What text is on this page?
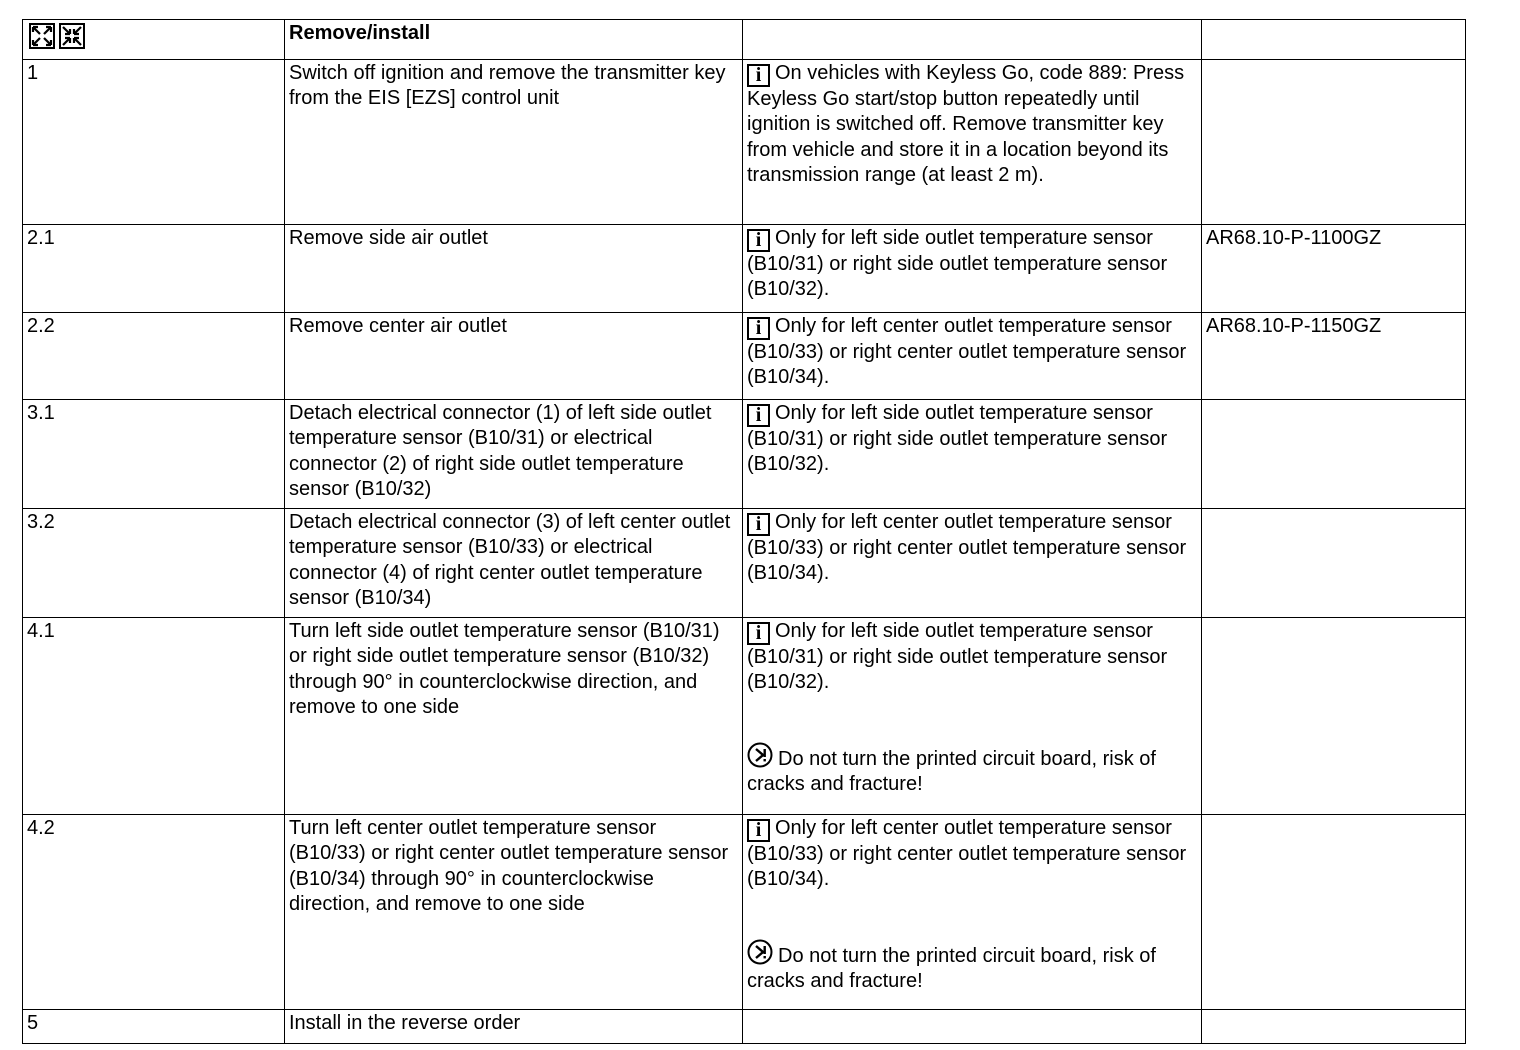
	Remove/install		
1	Switch off ignition and remove the transmitter key from the EIS [EZS] control unit	i On vehicles with Keyless Go, code 889: Press Keyless Go start/stop button repeatedly until ignition is switched off. Remove transmitter key from vehicle and store it in a location beyond its transmission range (at least 2 m).	

2.1	Remove side air outlet	i Only for left side outlet temperature sensor (B10/31) or right side outlet temperature sensor (B10/32).	AR68.10-P-1100GZ

2.2	Remove center air outlet	i Only for left center outlet temperature sensor (B10/33) or right center outlet temperature sensor (B10/34).	AR68.10-P-1150GZ

3.1	Detach electrical connector (1) of left side outlet temperature sensor (B10/31) or electrical connector (2) of right side outlet temperature sensor (B10/32)	i Only for left side outlet temperature sensor (B10/31) or right side outlet temperature sensor (B10/32).	

3.2	Detach electrical connector (3) of left center outlet temperature sensor (B10/33) or electrical connector (4) of right center outlet temperature sensor (B10/34)	i Only for left center outlet temperature sensor (B10/33) or right center outlet temperature sensor (B10/34).	

4.1	Turn left side outlet temperature sensor (B10/31) or right side outlet temperature sensor (B10/32) through 90° in counterclockwise direction, and remove to one side	i Only for left side outlet temperature sensor (B10/31) or right side outlet temperature sensor (B10/32).
Do not turn the printed circuit board, risk of cracks and fracture!	

4.2	Turn left center outlet temperature sensor (B10/33) or right center outlet temperature sensor (B10/34) through 90° in counterclockwise direction, and remove to one side	i Only for left center outlet temperature sensor (B10/33) or right center outlet temperature sensor (B10/34).
Do not turn the printed circuit board, risk of cracks and fracture!	

5	Install in the reverse order		
